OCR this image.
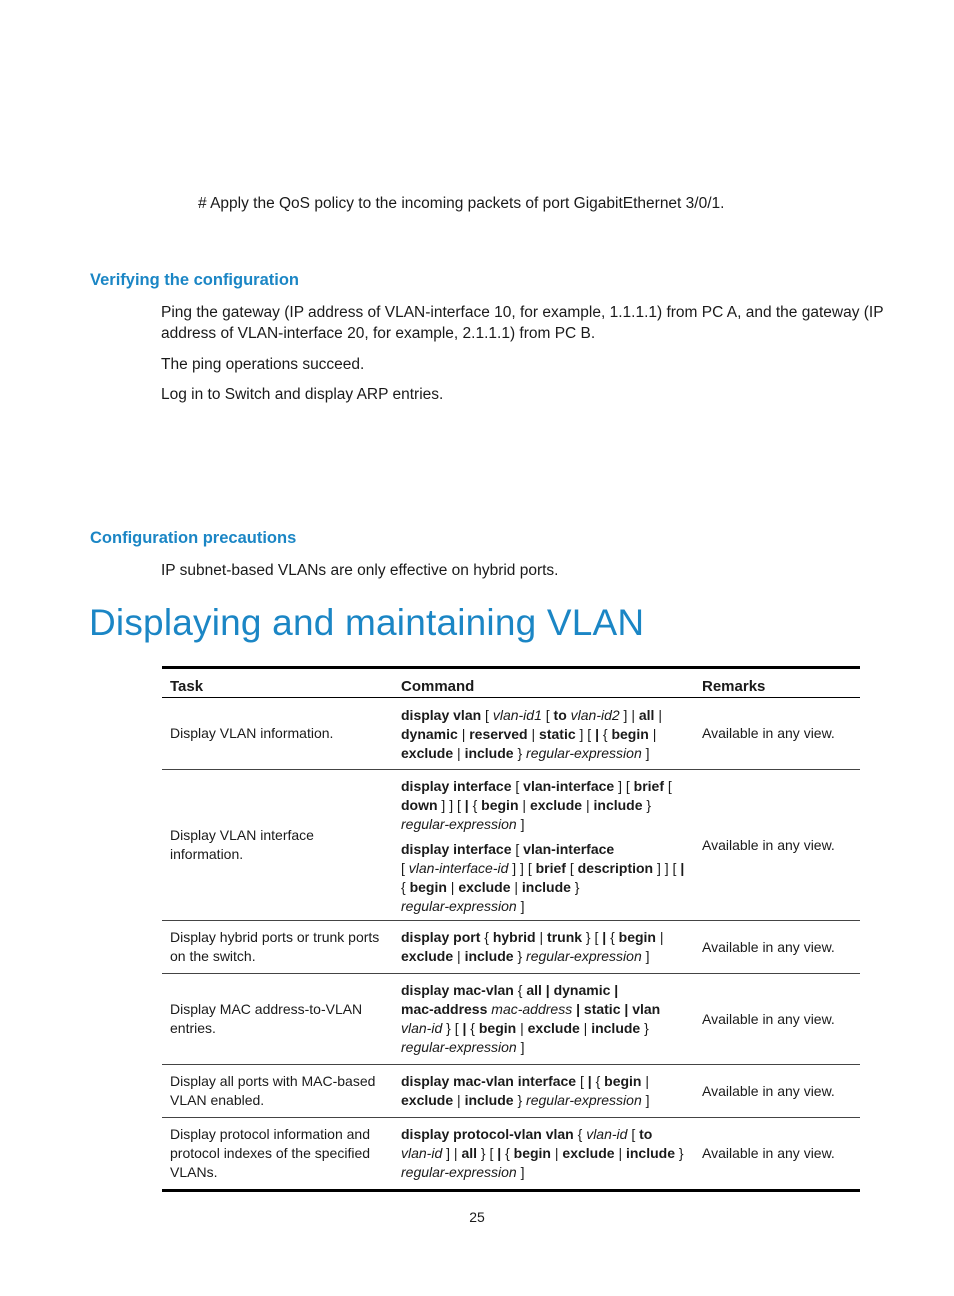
# Apply the QoS policy to the incoming packets of port GigabitEthernet 3/0/1.
Verifying the configuration
Ping the gateway (IP address of VLAN-interface 10, for example, 1.1.1.1) from PC A, and the gateway (IP
address of VLAN-interface 20, for example, 2.1.1.1) from PC B.
The ping operations succeed.
Log in to Switch and display ARP entries.
Configuration precautions
IP subnet-based VLANs are only effective on hybrid ports.
Displaying and maintaining VLAN
Task	Command	Remarks
Display VLAN information.	display vlan [ vlan-id1 [ to vlan-id2 ] | all | dynamic | reserved | static ] [ | { begin | exclude | include } regular-expression ]	Available in any view.
Display VLAN interface information.	display interface [ vlan-interface ] [ brief [ down ] ] [ | { begin | exclude | include } regular-expression ]
display interface [ vlan-interface
[ vlan-interface-id ] ] [ brief [ description ] ] [ | { begin | exclude | include }
regular-expression ]	Available in any view.
Display hybrid ports or trunk ports on the switch.	display port { hybrid | trunk } [ | { begin | exclude | include } regular-expression ]	Available in any view.
Display MAC address-to-VLAN entries.	display mac-vlan { all | dynamic |
mac-address mac-address | static | vlan
vlan-id } [ | { begin | exclude | include }
regular-expression ]	Available in any view.
Display all ports with MAC-based VLAN enabled.	display mac-vlan interface [ | { begin |
exclude | include } regular-expression ]	Available in any view.
Display protocol information and protocol indexes of the specified VLANs.	display protocol-vlan vlan { vlan-id [ to
vlan-id ] | all } [ | { begin | exclude | include }
regular-expression ]	Available in any view.
25
